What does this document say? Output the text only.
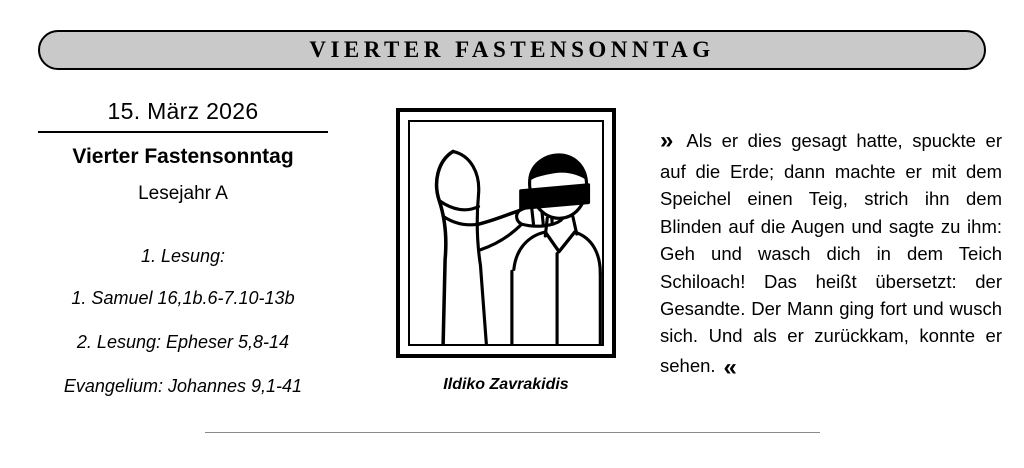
VIERTER FASTENSONNTAG
15. März 2026
Vierter Fastensonntag
Lesejahr A
1. Lesung:
1. Samuel 16,1b.6-7.10-13b
2. Lesung: Epheser 5,8-14
Evangelium: Johannes 9,1-41	Ildiko Zavrakidis

» Als er dies gesagt hatte, spuckte er auf die Erde; dann machte er mit dem Speichel einen Teig, strich ihn dem Blinden auf die Augen und sagte zu ihm: Geh und wasch dich in dem Teich Schiloach! Das heißt übersetzt: der Gesandte. Der Mann ging fort und wusch sich. Und als er zurückkam, konnte er sehen. «
